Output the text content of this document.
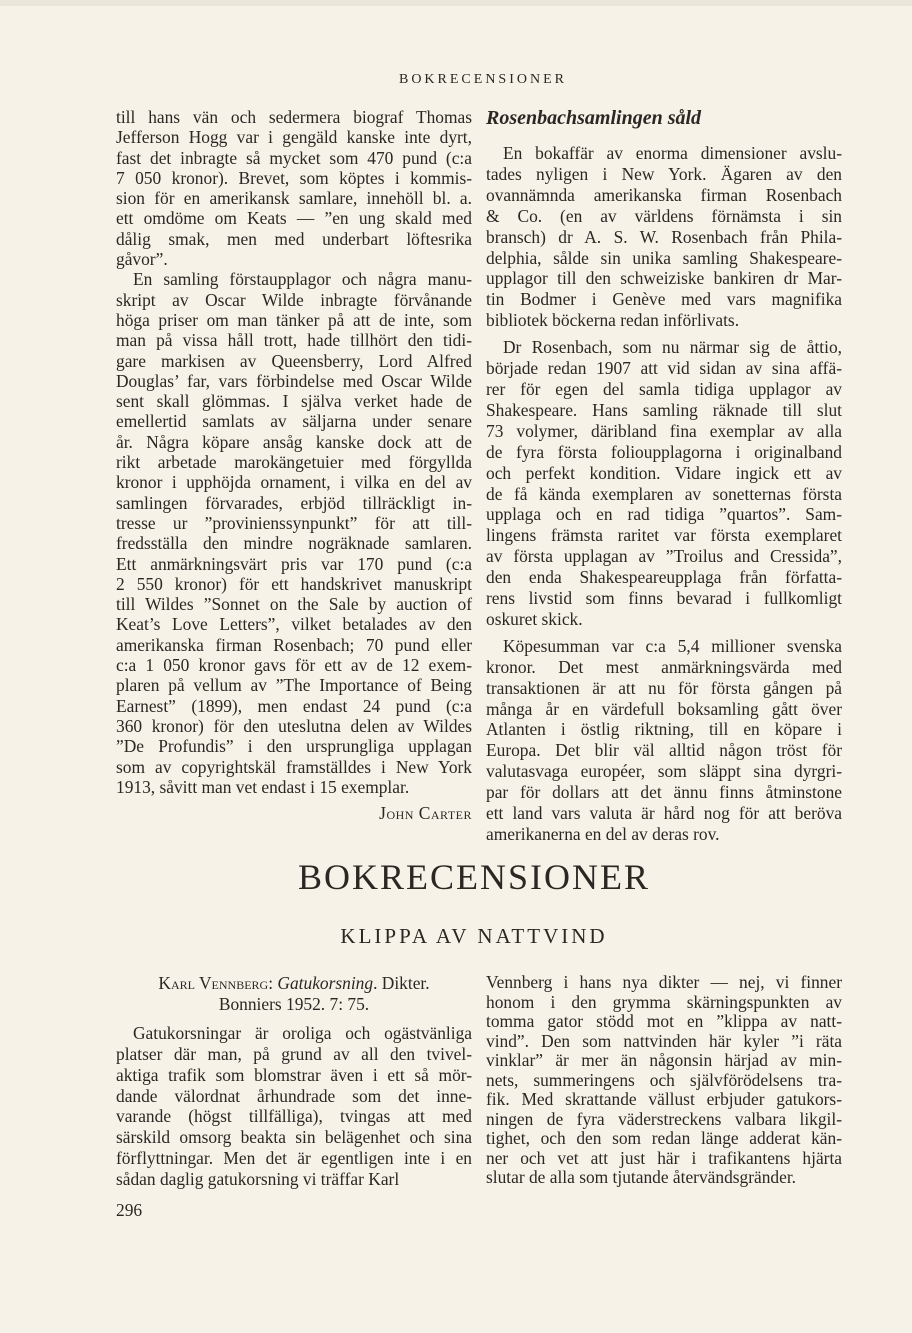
BOKRECENSIONER
till hans vän och sedermera biograf Thomas
Jefferson Hogg var i gengäld kanske inte dyrt,
fast det inbragte så mycket som 470 pund (c:a
7 050 kronor). Brevet, som köptes i kommis-
sion för en amerikansk samlare, innehöll bl. a.
ett omdöme om Keats — ”en ung skald med
dålig smak, men med underbart löftesrika
gåvor”.
En samling förstaupplagor och några manu-
skript av Oscar Wilde inbragte förvånande
höga priser om man tänker på att de inte, som
man på vissa håll trott, hade tillhört den tidi-
gare markisen av Queensberry, Lord Alfred
Douglas’ far, vars förbindelse med Oscar Wilde
sent skall glömmas. I själva verket hade de
emellertid samlats av säljarna under senare
år. Några köpare ansåg kanske dock att de
rikt arbetade marokängetuier med förgyllda
kronor i upphöjda ornament, i vilka en del av
samlingen förvarades, erbjöd tillräckligt in-
tresse ur ”provinienssynpunkt” för att till-
fredsställa den mindre nogräknade samlaren.
Ett anmärkningsvärt pris var 170 pund (c:a
2 550 kronor) för ett handskrivet manuskript
till Wildes ”Sonnet on the Sale by auction of
Keat’s Love Letters”, vilket betalades av den
amerikanska firman Rosenbach; 70 pund eller
c:a 1 050 kronor gavs för ett av de 12 exem-
plaren på vellum av ”The Importance of Being
Earnest” (1899), men endast 24 pund (c:a
360 kronor) för den uteslutna delen av Wildes
”De Profundis” i den ursprungliga upplagan
som av copyrightskäl framställdes i New York
1913, såvitt man vet endast i 15 exemplar.
John Carter
Rosenbachsamlingen såld
En bokaffär av enorma dimensioner avslu-
tades nyligen i New York. Ägaren av den
ovannämnda amerikanska firman Rosenbach
& Co. (en av världens förnämsta i sin
bransch) dr A. S. W. Rosenbach från Phila-
delphia, sålde sin unika samling Shakespeare-
upplagor till den schweiziske bankiren dr Mar-
tin Bodmer i Genève med vars magnifika
bibliotek böckerna redan införlivats.
Dr Rosenbach, som nu närmar sig de åttio,
började redan 1907 att vid sidan av sina affä-
rer för egen del samla tidiga upplagor av
Shakespeare. Hans samling räknade till slut
73 volymer, däribland fina exemplar av alla
de fyra första folioupplagorna i originalband
och perfekt kondition. Vidare ingick ett av
de få kända exemplaren av sonetternas första
upplaga och en rad tidiga ”quartos”. Sam-
lingens främsta raritet var första exemplaret
av första upplagan av ”Troilus and Cressida”,
den enda Shakespeareupplaga från författa-
rens livstid som finns bevarad i fullkomligt
oskuret skick.
Köpesumman var c:a 5,4 millioner svenska
kronor. Det mest anmärkningsvärda med
transaktionen är att nu för första gången på
många år en värdefull boksamling gått över
Atlanten i östlig riktning, till en köpare i
Europa. Det blir väl alltid någon tröst för
valutasvaga européer, som släppt sina dyrgri-
par för dollars att det ännu finns åtminstone
ett land vars valuta är hård nog för att beröva
amerikanerna en del av deras rov.
BOKRECENSIONER
KLIPPA AV NATTVIND
Karl Vennberg: Gatukorsning. Dikter.
Bonniers 1952. 7: 75.
Gatukorsningar är oroliga och ogästvänliga
platser där man, på grund av all den tvivel-
aktiga trafik som blomstrar även i ett så mör-
dande välordnat århundrade som det inne-
varande (högst tillfälliga), tvingas att med
särskild omsorg beakta sin belägenhet och sina
förflyttningar. Men det är egentligen inte i en
sådan daglig gatukorsning vi träffar Karl
Vennberg i hans nya dikter — nej, vi finner
honom i den grymma skärningspunkten av
tomma gator stödd mot en ”klippa av natt-
vind”. Den som nattvinden här kyler ”i räta
vinklar” är mer än någonsin härjad av min-
nets, summeringens och självförödelsens tra-
fik. Med skrattande vällust erbjuder gatukors-
ningen de fyra väderstreckens valbara likgil-
tighet, och den som redan länge adderat kän-
ner och vet att just här i trafikantens hjärta
slutar de alla som tjutande återvändsgränder.
296
